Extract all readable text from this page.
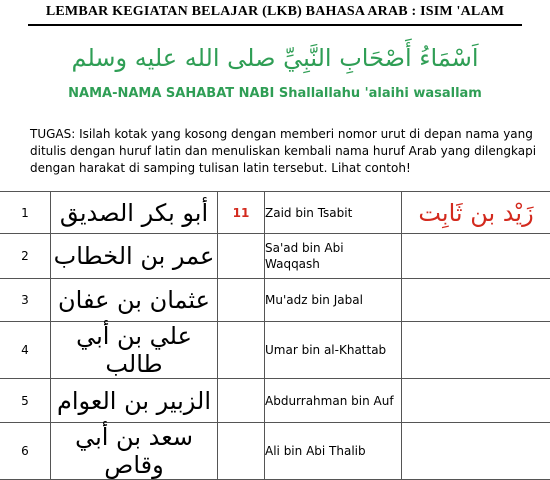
LEMBAR KEGIATAN BELAJAR (LKB) BAHASA ARAB : ISIM 'ALAM
اَسْمَاءُ أَصْحَابِ النَّبِيِّ صلى الله عليه وسلم
NAMA-NAMA SAHABAT NABI Shallallahu 'alaihi wasallam
TUGAS: Isilah kotak yang kosong dengan memberi nomor urut di depan nama yang
ditulis dengan huruf latin dan menuliskan kembali nama huruf Arab yang dilengkapi
dengan harakat di samping tulisan latin tersebut. Lihat contoh!
1	أبو بكر الصديق	11	Zaid bin Tsabit	زَيْد بن ثَابِت
2	عمر بن الخطاب		Sa'ad bin Abi Waqqash	
3	عثمان بن عفان		Mu'adz bin Jabal	
4	علي بن أبي طالب		Umar bin al-Khattab	
5	الزبير بن العوام		Abdurrahman bin Auf	
6	سعد بن أبي وقاص		Ali bin Abi Thalib	
